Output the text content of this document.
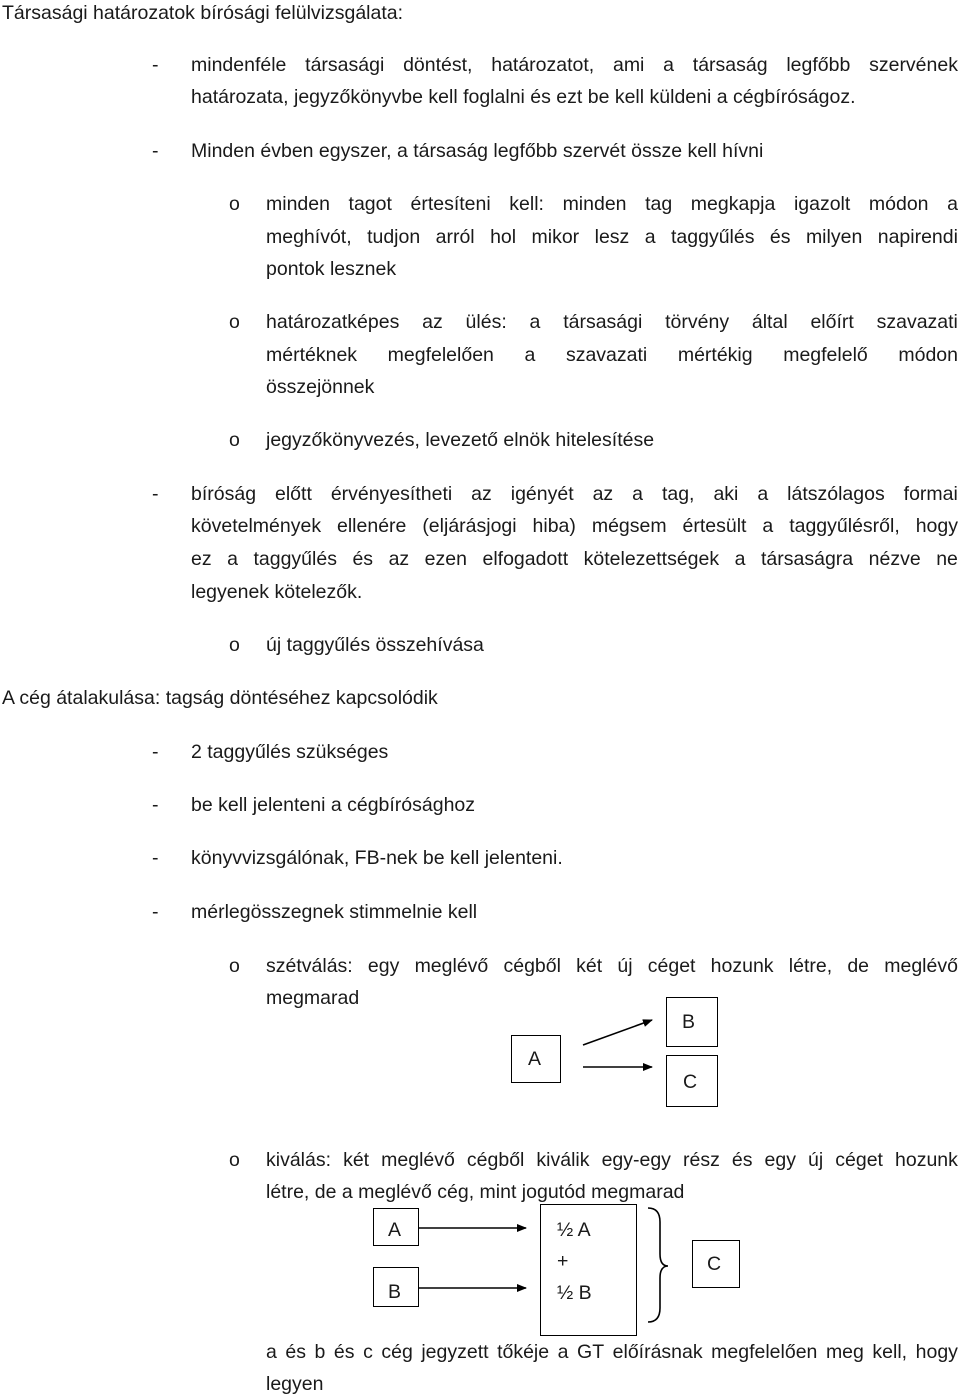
Társasági határozatok bírósági felülvizsgálata:
- mindenféle társasági döntést, határozatot, ami a társaság legfőbb szervének
határozata, jegyzőkönyvbe kell foglalni és ezt be kell küldeni a cégbíróságoz.
- Minden évben egyszer, a társaság legfőbb szervét össze kell hívni
o minden tagot értesíteni kell: minden tag megkapja igazolt módon a
meghívót, tudjon arról hol mikor lesz a taggyűlés és milyen napirendi
pontok lesznek
o határozatképes az ülés: a társasági törvény által előírt szavazati
mértéknek megfelelően a szavazati mértékig megfelelő módon
összejönnek
o jegyzőkönyvezés, levezető elnök hitelesítése
- bíróság előtt érvényesítheti az igényét az a tag, aki a látszólagos formai
követelmények ellenére (eljárásjogi hiba) mégsem értesült a taggyűlésről, hogy
ez a taggyűlés és az ezen elfogadott kötelezettségek a társaságra nézve ne
legyenek kötelezők.
o új taggyűlés összehívása
A cég átalakulása: tagság döntéséhez kapcsolódik
- 2 taggyűlés szükséges
- be kell jelenteni a cégbírósághoz
- könyvvizsgálónak, FB-nek be kell jelenteni.
- mérlegösszegnek stimmelnie kell
o szétválás: egy meglévő cégből két új céget hozunk létre, de meglévő
megmarad
A
B
C
o kiválás: két meglévő cégből kiválik egy-egy rész és egy új céget hozunk
létre, de a meglévő cég, mint jogutód megmarad
A
B
½ A
+
½ B
C
a és b és c cég jegyzett tőkéje a GT előírásnak megfelelően meg kell, hogy
legyen
